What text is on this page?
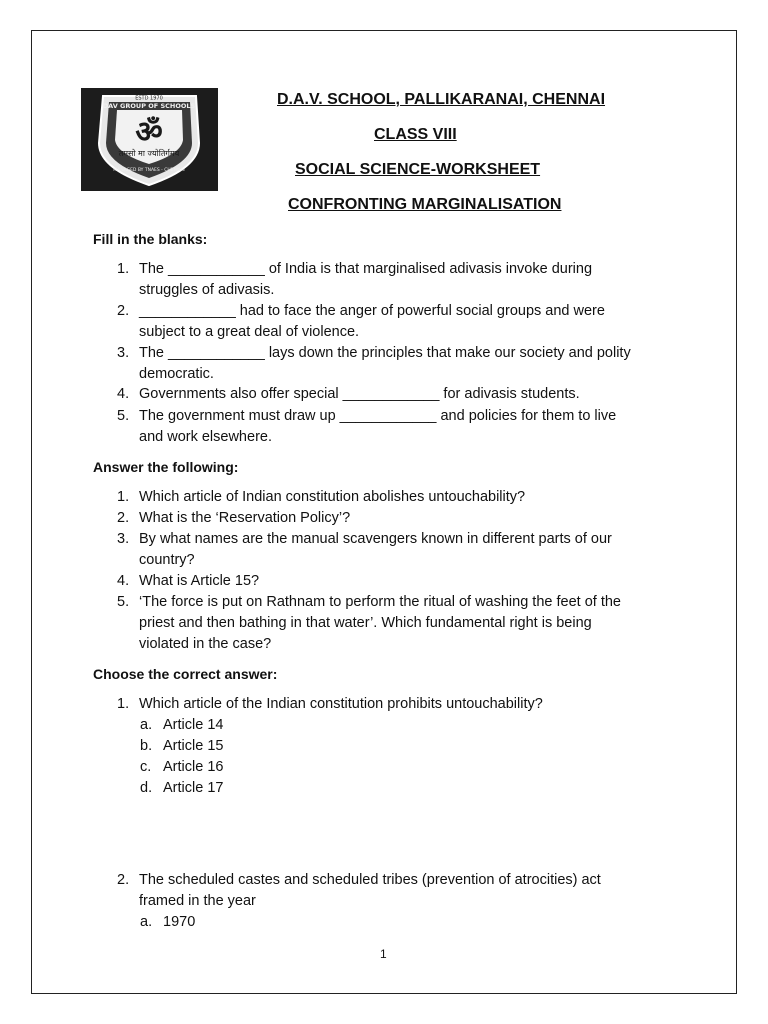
ESTD 1970
DAV GROUP OF SCHOOLS
ॐ
तमसो मा ज्योतिर्गमय
MANAGED BY TNAES - CHENNAI
D.A.V. SCHOOL, PALLIKARANAI, CHENNAI
CLASS VIII
SOCIAL SCIENCE-WORKSHEET
CONFRONTING MARGINALISATION
Fill in the blanks:
1. The ____________ of India is that marginalised adivasis invoke during
struggles of adivasis.
2. ____________ had to face the anger of powerful social groups and were
subject to a great deal of violence.
3. The ____________ lays down the principles that make our society and polity
democratic.
4. Governments also offer special ____________ for adivasis students.
5. The government must draw up ____________ and policies for them to live
and work elsewhere.
Answer the following:
1. Which article of Indian constitution abolishes untouchability?
2. What is the ‘Reservation Policy’?
3. By what names are the manual scavengers known in different parts of our
country?
4. What is Article 15?
5. ‘The force is put on Rathnam to perform the ritual of washing the feet of the
priest and then bathing in that water’. Which fundamental right is being
violated in the case?
Choose the correct answer:
1. Which article of the Indian constitution prohibits untouchability?
a. Article 14
b. Article 15
c. Article 16
d. Article 17
2. The scheduled castes and scheduled tribes (prevention of atrocities) act
framed in the year
a. 1970
1
